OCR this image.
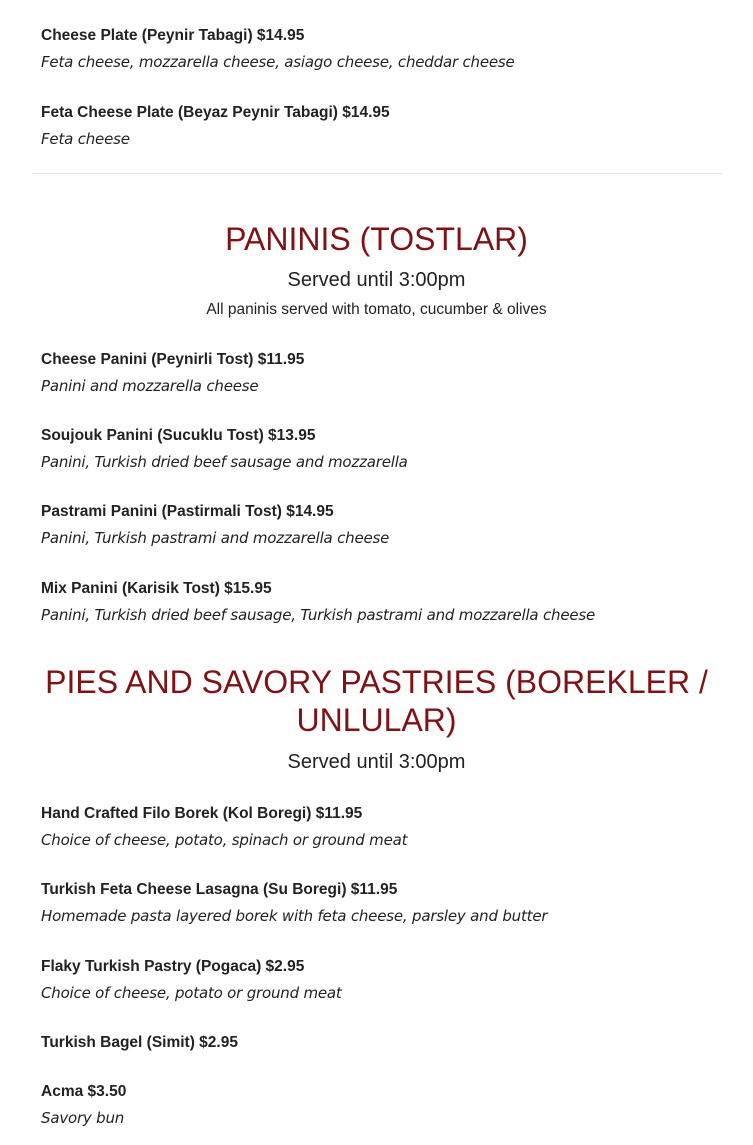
Cheese Plate (Peynir Tabagi) $14.95
Feta cheese, mozzarella cheese, asiago cheese, cheddar cheese
Feta Cheese Plate (Beyaz Peynir Tabagi) $14.95
Feta cheese
PANINIS (TOSTLAR)
Served until 3:00pm
All paninis served with tomato, cucumber & olives
Cheese Panini (Peynirli Tost) $11.95
Panini and mozzarella cheese
Soujouk Panini (Sucuklu Tost) $13.95
Panini, Turkish dried beef sausage and mozzarella
Pastrami Panini (Pastirmali Tost) $14.95
Panini, Turkish pastrami and mozzarella cheese
Mix Panini (Karisik Tost) $15.95
Panini, Turkish dried beef sausage, Turkish pastrami and mozzarella cheese
PIES AND SAVORY PASTRIES (BOREKLER /
UNLULAR)
Served until 3:00pm
Hand Crafted Filo Borek (Kol Boregi) $11.95
Choice of cheese, potato, spinach or ground meat
Turkish Feta Cheese Lasagna (Su Boregi) $11.95
Homemade pasta layered borek with feta cheese, parsley and butter
Flaky Turkish Pastry (Pogaca) $2.95
Choice of cheese, potato or ground meat
Turkish Bagel (Simit) $2.95
Acma $3.50
Savory bun
